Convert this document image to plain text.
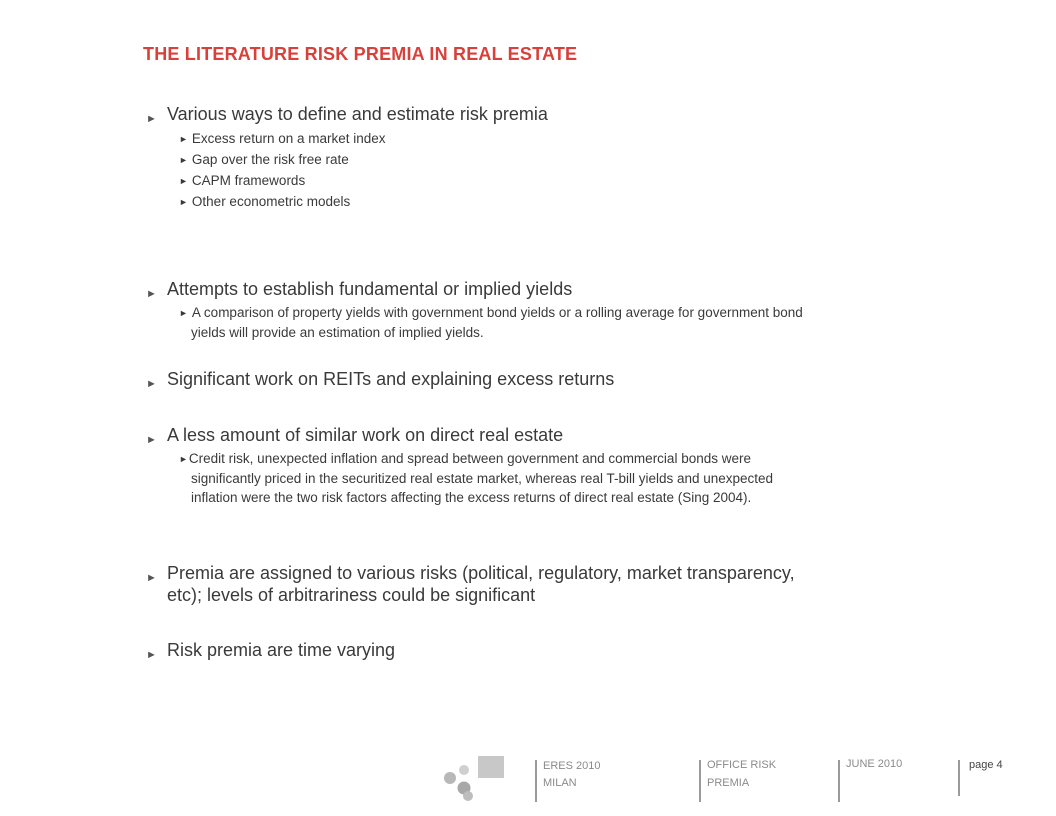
THE LITERATURE RISK PREMIA IN REAL ESTATE
► Various ways to define and estimate risk premia
► Excess return on a market index
► Gap over the risk free rate
► CAPM framewords
► Other econometric models
► Attempts to establish fundamental or implied yields
► A comparison of property yields with government bond yields or a rolling average for government bond
yields will provide an estimation of implied yields.
► Significant work on REITs and explaining excess returns
► A less amount of similar work on direct real estate
►Credit risk, unexpected inflation and spread between government and commercial bonds were
significantly priced in the securitized real estate market, whereas real T-bill yields and unexpected
inflation were the two risk factors affecting the excess returns of direct real estate (Sing 2004).
► Premia are assigned to various risks (political, regulatory, market transparency,
etc); levels of arbitrariness could be significant
► Risk premia are time varying
ERES 2010
MILAN
OFFICE RISK
PREMIA
JUNE 2010	page 4
